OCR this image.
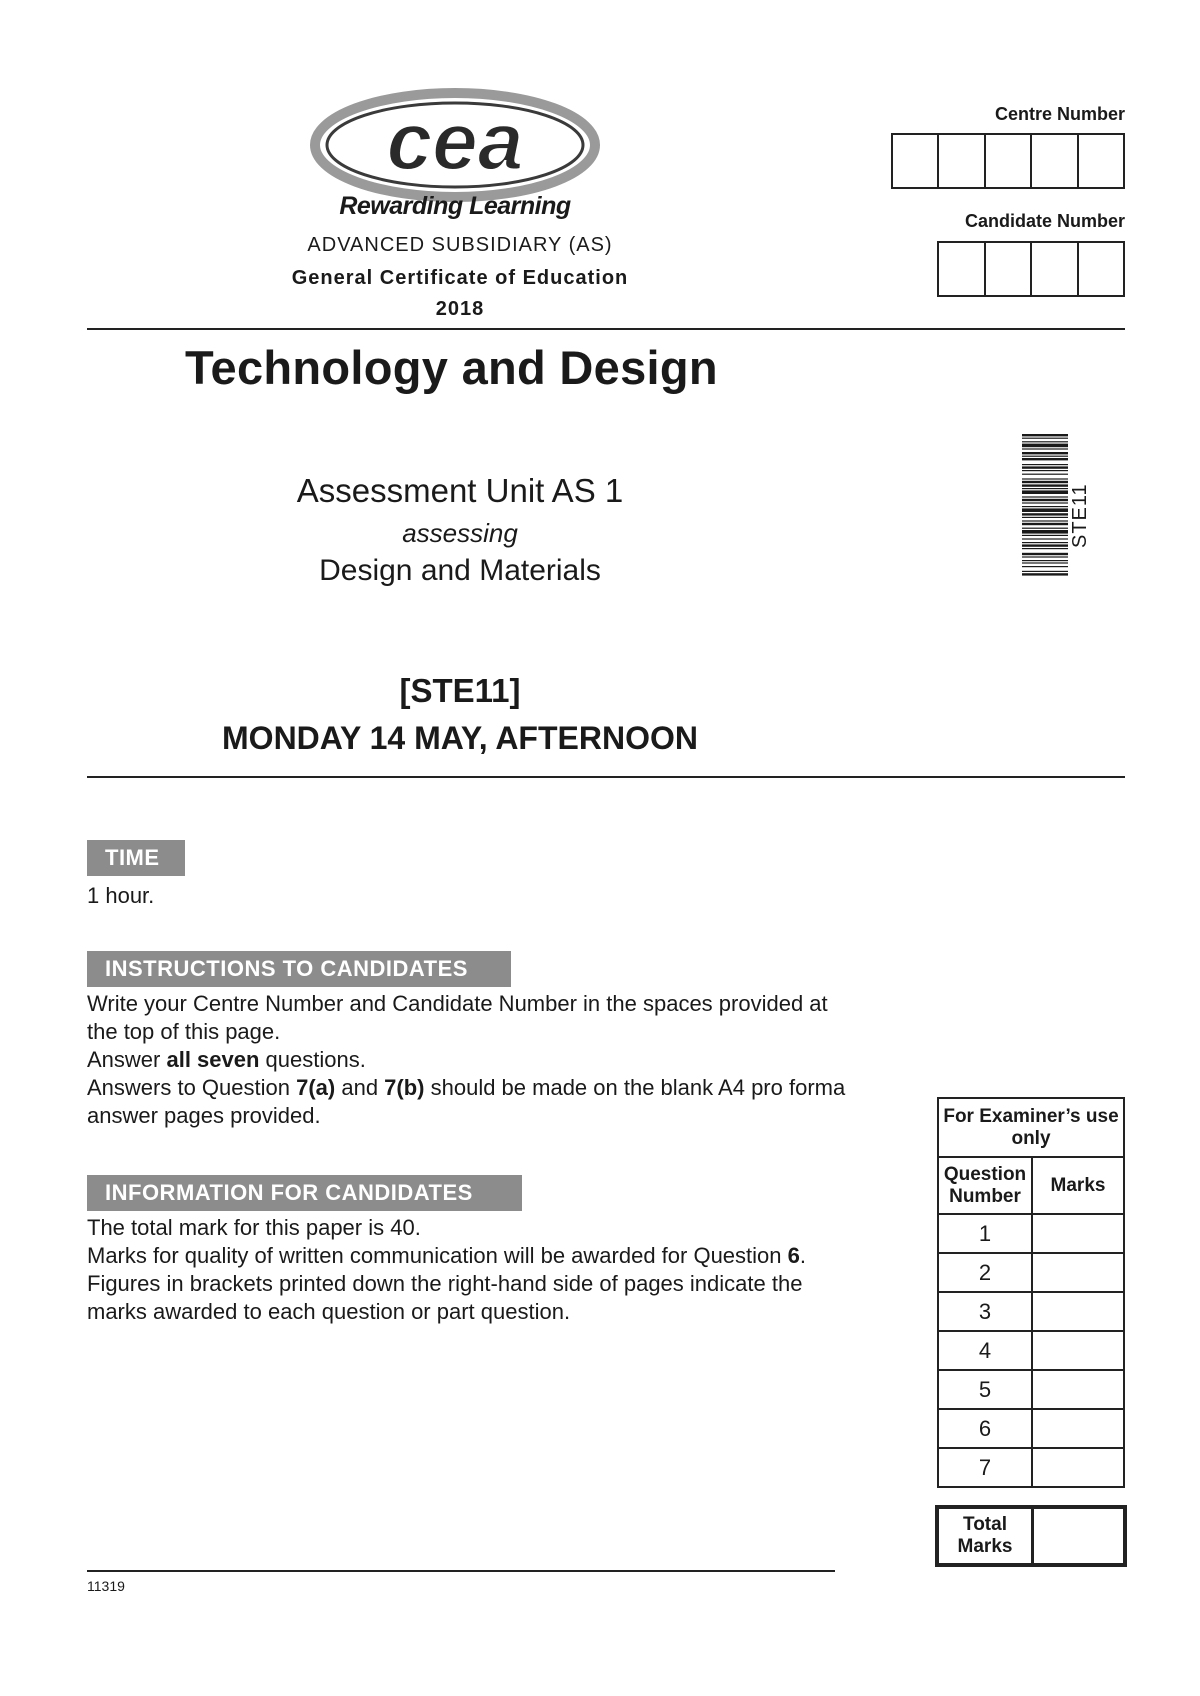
cea
Rewarding Learning
ADVANCED SUBSIDIARY (AS)
General Certificate of Education
2018
Centre Number
Candidate Number
Technology and Design
Assessment Unit AS 1
assessing
Design and Materials
[STE11]
MONDAY 14 MAY, AFTERNOON
STE11
TIME
1 hour.
INSTRUCTIONS TO CANDIDATES
Write your Centre Number and Candidate Number in the spaces provided at the top of this page.
Answer all seven questions.
Answers to Question 7(a) and 7(b) should be made on the blank A4 pro forma answer pages provided.
INFORMATION FOR CANDIDATES
The total mark for this paper is 40.
Marks for quality of written communication will be awarded for Question 6.
Figures in brackets printed down the right-hand side of pages indicate the marks awarded to each question or part question.
For Examiner’s use only	
Question Number	Marks
1	
2	
3	
4	
5	
6	
7	
Total Marks
11319
